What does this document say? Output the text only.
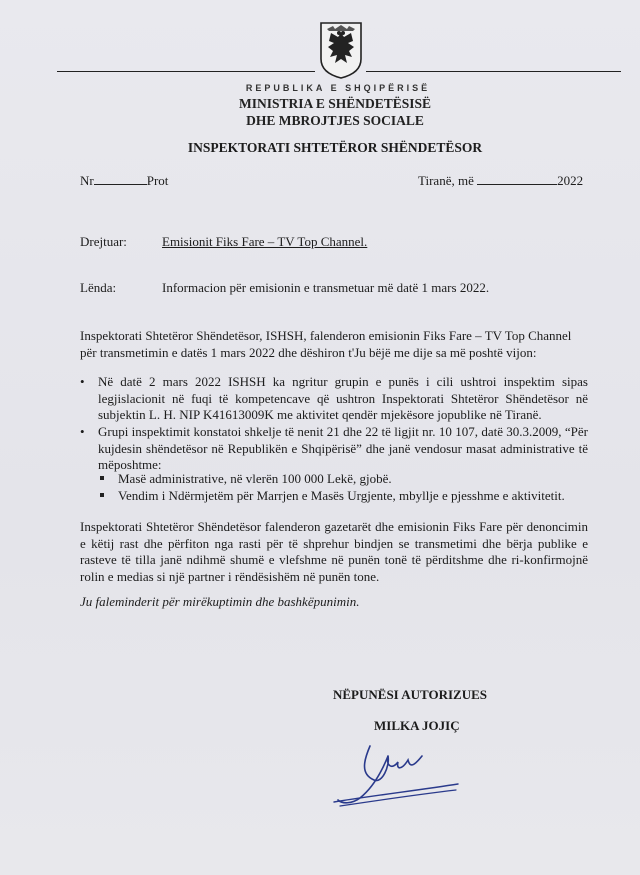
REPUBLIKA E SHQIPËRISË
MINISTRIA E SHËNDETËSISË
DHE MBROJTJES SOCIALE
INSPEKTORATI SHTETËROR SHËNDETËSOR
Nr	Prot	Tiranë, më	2022
Drejtuar:	Emisionit Fiks Fare – TV Top Channel.
Lënda:	Informacion për emisionin e transmetuar më datë 1 mars 2022.
Inspektorati Shtetëror Shëndetësor, ISHSH, falenderon emisionin Fiks Fare – TV Top Channel
për transmetimin e datës 1 mars 2022 dhe dëshiron t'Ju bëjë me dije sa më poshtë vijon:
• Në datë 2 mars 2022 ISHSH ka ngritur grupin e punës i cili ushtroi inspektim sipas legjislacionit në fuqi të kompetencave që ushtron Inspektorati Shtetëror Shëndetësor në subjektin L. H. NIP K41613009K me aktivitet qendër mjekësore jopublike në Tiranë.
• Grupi inspektimit konstatoi shkelje të nenit 21 dhe 22 të ligjit nr. 10 107, datë 30.3.2009, “Për kujdesin shëndetësor në Republikën e Shqipërisë” dhe janë vendosur masat administrative të mëposhtme:
Masë administrative, në vlerën 100 000 Lekë, gjobë.
Vendim i Ndërmjetëm për Marrjen e Masës Urgjente, mbyllje e pjesshme e aktivitetit.
Inspektorati Shtetëror Shëndetësor falenderon gazetarët dhe emisionin Fiks Fare për denoncimin e këtij rast dhe përfiton nga rasti për të shprehur bindjen se transmetimi dhe bërja publike e rasteve të tilla janë ndihmë shumë e vlefshme në punën tonë të përditshme dhe ri-konfirmojnë rolin e medias si një partner i rëndësishëm në punën tone.
Ju faleminderit për mirëkuptimin dhe bashkëpunimin.
NËPUNËSI AUTORIZUES
MILKA JOJIÇ
